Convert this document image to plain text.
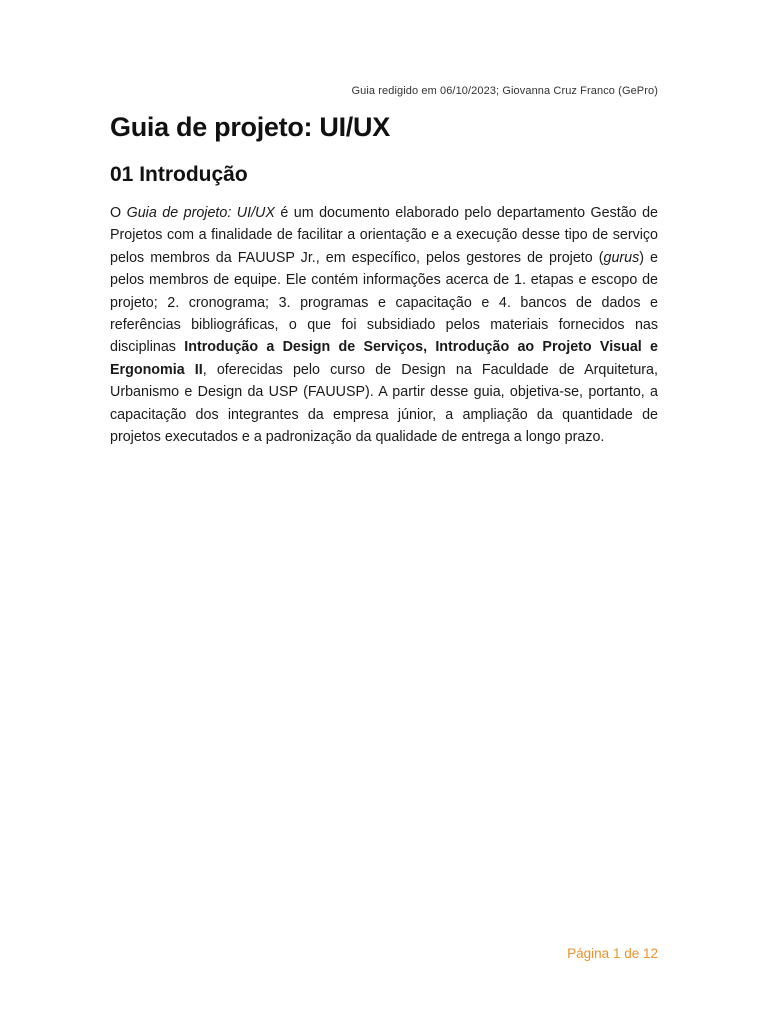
Guia redigido em 06/10/2023; Giovanna Cruz Franco (GePro)
Guia de projeto: UI/UX
01 Introdução

O Guia de projeto: UI/UX é um documento elaborado pelo departamento Gestão de Projetos com a finalidade de facilitar a orientação e a execução desse tipo de serviço pelos membros da FAUUSP Jr., em específico, pelos gestores de projeto (gurus) e pelos membros de equipe. Ele contém informações acerca de 1. etapas e escopo de projeto; 2. cronograma; 3. programas e capacitação e 4. bancos de dados e referências bibliográficas, o que foi subsidiado pelos materiais fornecidos nas disciplinas Introdução a Design de Serviços, Introdução ao Projeto Visual e Ergonomia II, oferecidas pelo curso de Design na Faculdade de Arquitetura, Urbanismo e Design da USP (FAUUSP). A partir desse guia, objetiva-se, portanto, a capacitação dos integrantes da empresa júnior, a ampliação da quantidade de projetos executados e a padronização da qualidade de entrega a longo prazo.

Página 1 de 12
